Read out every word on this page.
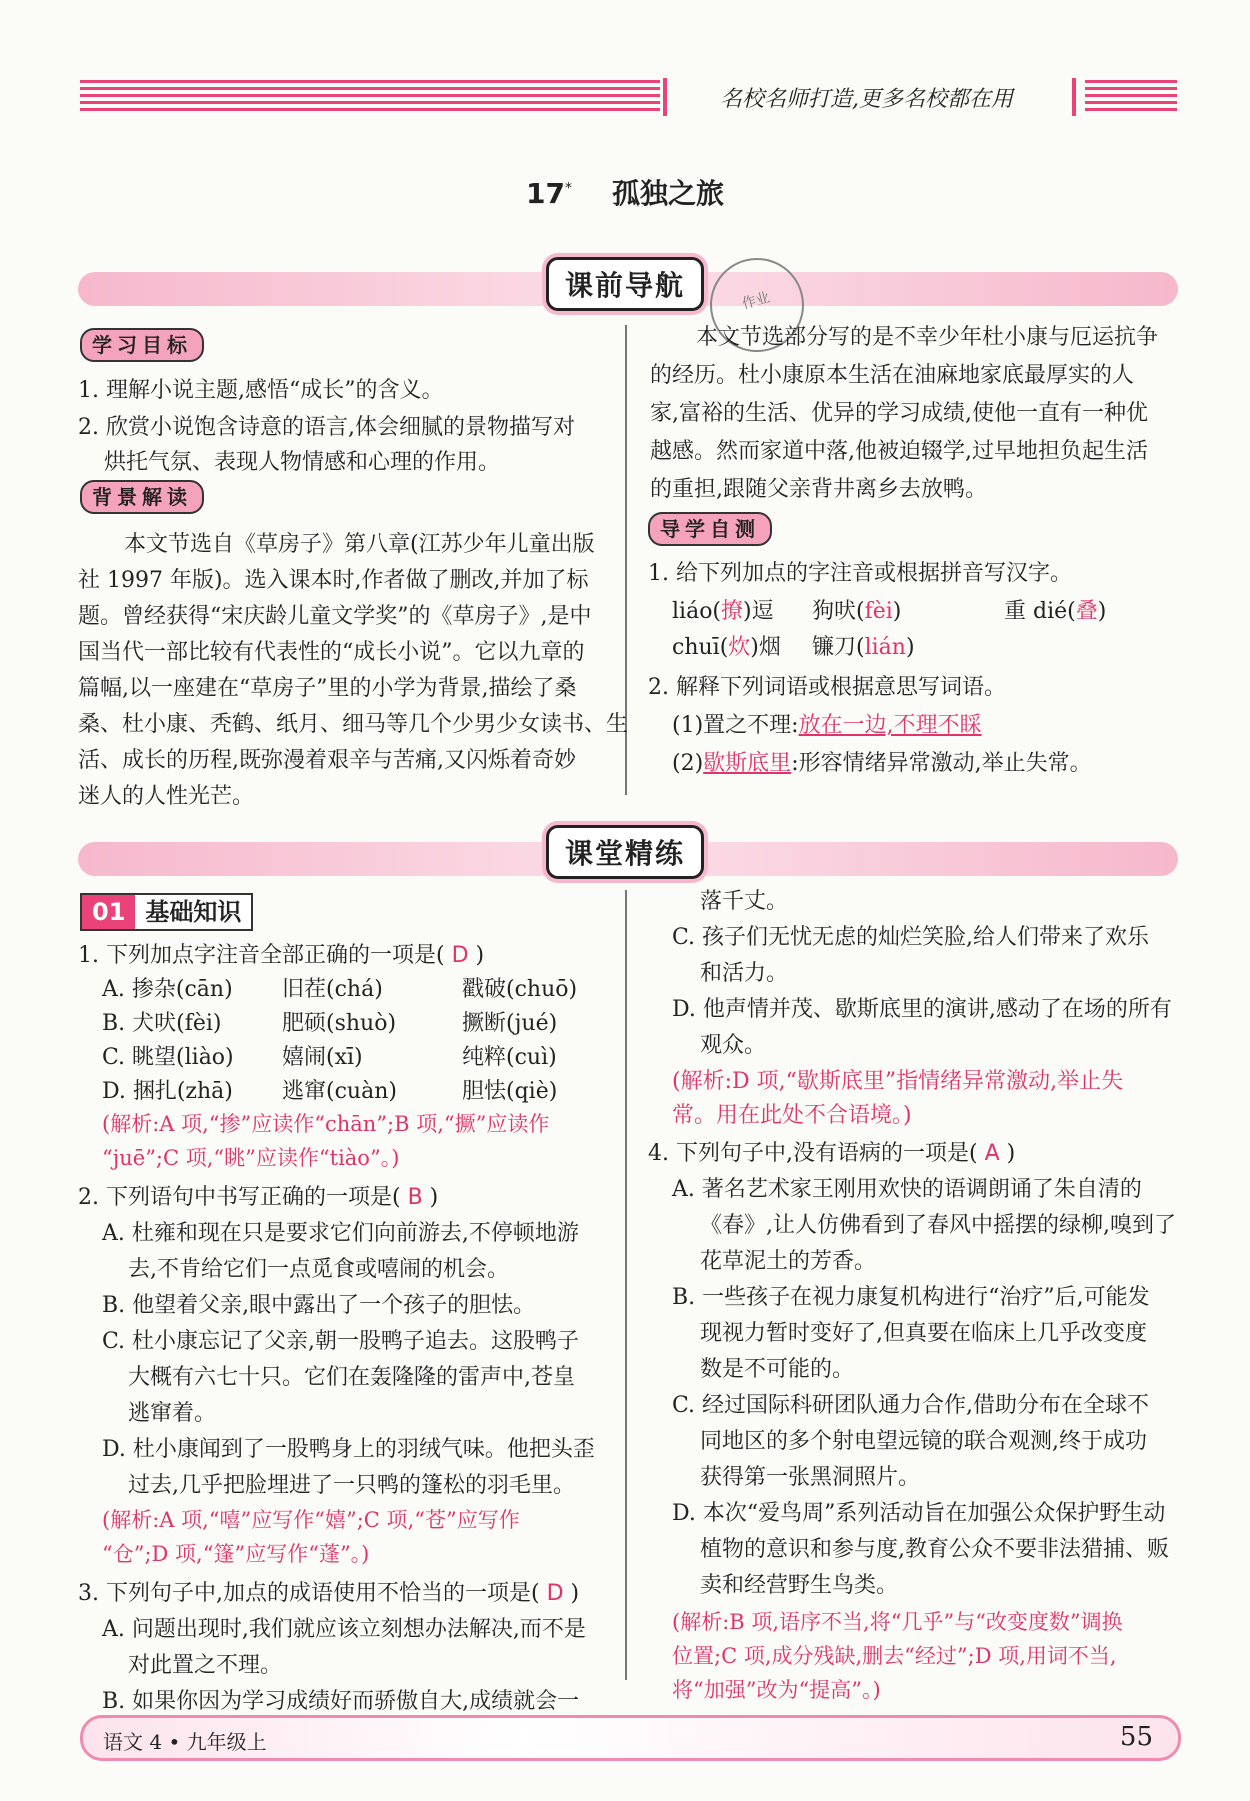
名校名师打造,更多名校都在用
17* 孤独之旅
课前导航	作业
学习目标
1. 理解小说主题,感悟“成长”的含义。
2. 欣赏小说饱含诗意的语言,体会细腻的景物描写对
烘托气氛、表现人物情感和心理的作用。
背景解读
本文节选自《草房子》第八章(江苏少年儿童出版
社 1997 年版)。选入课本时,作者做了删改,并加了标
题。曾经获得“宋庆龄儿童文学奖”的《草房子》,是中
国当代一部比较有代表性的“成长小说”。它以九章的
篇幅,以一座建在“草房子”里的小学为背景,描绘了桑
桑、杜小康、秃鹤、纸月、细马等几个少男少女读书、生
活、成长的历程,既弥漫着艰辛与苦痛,又闪烁着奇妙
迷人的人性光芒。
本文节选部分写的是不幸少年杜小康与厄运抗争
的经历。杜小康原本生活在油麻地家底最厚实的人
家,富裕的生活、优异的学习成绩,使他一直有一种优
越感。然而家道中落,他被迫辍学,过早地担负起生活
的重担,跟随父亲背井离乡去放鸭。
导学自测
1. 给下列加点的字注音或根据拼音写汉字。
liáo(撩)逗 狗吠(fèi)	重 dié(叠)
chuī(炊)烟 镰刀(lián)
2. 解释下列词语或根据意思写词语。
(1)置之不理:放在一边,不理不睬
(2)歇斯底里:形容情绪异常激动,举止失常。
课堂精练
01 基础知识
1. 下列加点字注音全部正确的一项是( D )
A. 掺杂(cān) 旧茬(chá)	戳破(chuō)
B. 犬吠(fèi)	肥硕(shuò)	撅断(jué)
C. 眺望(liào) 嬉闹(xī)	纯粹(cuì)
D. 捆扎(zhā) 逃窜(cuàn)	胆怯(qiè)
(解析:A 项,“掺”应读作“chān”;B 项,“撅”应读作
“juē”;C 项,“眺”应读作“tiào”。)
2. 下列语句中书写正确的一项是( B )
A. 杜雍和现在只是要求它们向前游去,不停顿地游
去,不肯给它们一点觅食或嘻闹的机会。
B. 他望着父亲,眼中露出了一个孩子的胆怯。
C. 杜小康忘记了父亲,朝一股鸭子追去。这股鸭子
大概有六七十只。它们在轰隆隆的雷声中,苍皇
逃窜着。
D. 杜小康闻到了一股鸭身上的羽绒气味。他把头歪
过去,几乎把脸埋进了一只鸭的篷松的羽毛里。
(解析:A 项,“嘻”应写作“嬉”;C 项,“苍”应写作
“仓”;D 项,“篷”应写作“蓬”。)
3. 下列句子中,加点的成语使用不恰当的一项是( D )
A. 问题出现时,我们就应该立刻想办法解决,而不是
对此置之不理。
B. 如果你因为学习成绩好而骄傲自大,成绩就会一
落千丈。
C. 孩子们无忧无虑的灿烂笑脸,给人们带来了欢乐
和活力。
D. 他声情并茂、歇斯底里的演讲,感动了在场的所有
观众。
(解析:D 项,“歇斯底里”指情绪异常激动,举止失
常。用在此处不合语境。)
4. 下列句子中,没有语病的一项是( A )
A. 著名艺术家王刚用欢快的语调朗诵了朱自清的
《春》,让人仿佛看到了春风中摇摆的绿柳,嗅到了
花草泥土的芳香。
B. 一些孩子在视力康复机构进行“治疗”后,可能发
现视力暂时变好了,但真要在临床上几乎改变度
数是不可能的。
C. 经过国际科研团队通力合作,借助分布在全球不
同地区的多个射电望远镜的联合观测,终于成功
获得第一张黑洞照片。
D. 本次“爱鸟周”系列活动旨在加强公众保护野生动
植物的意识和参与度,教育公众不要非法猎捕、贩
卖和经营野生鸟类。
(解析:B 项,语序不当,将“几乎”与“改变度数”调换
位置;C 项,成分残缺,删去“经过”;D 项,用词不当,
将“加强”改为“提高”。)
语文 4 • 九年级上	55
